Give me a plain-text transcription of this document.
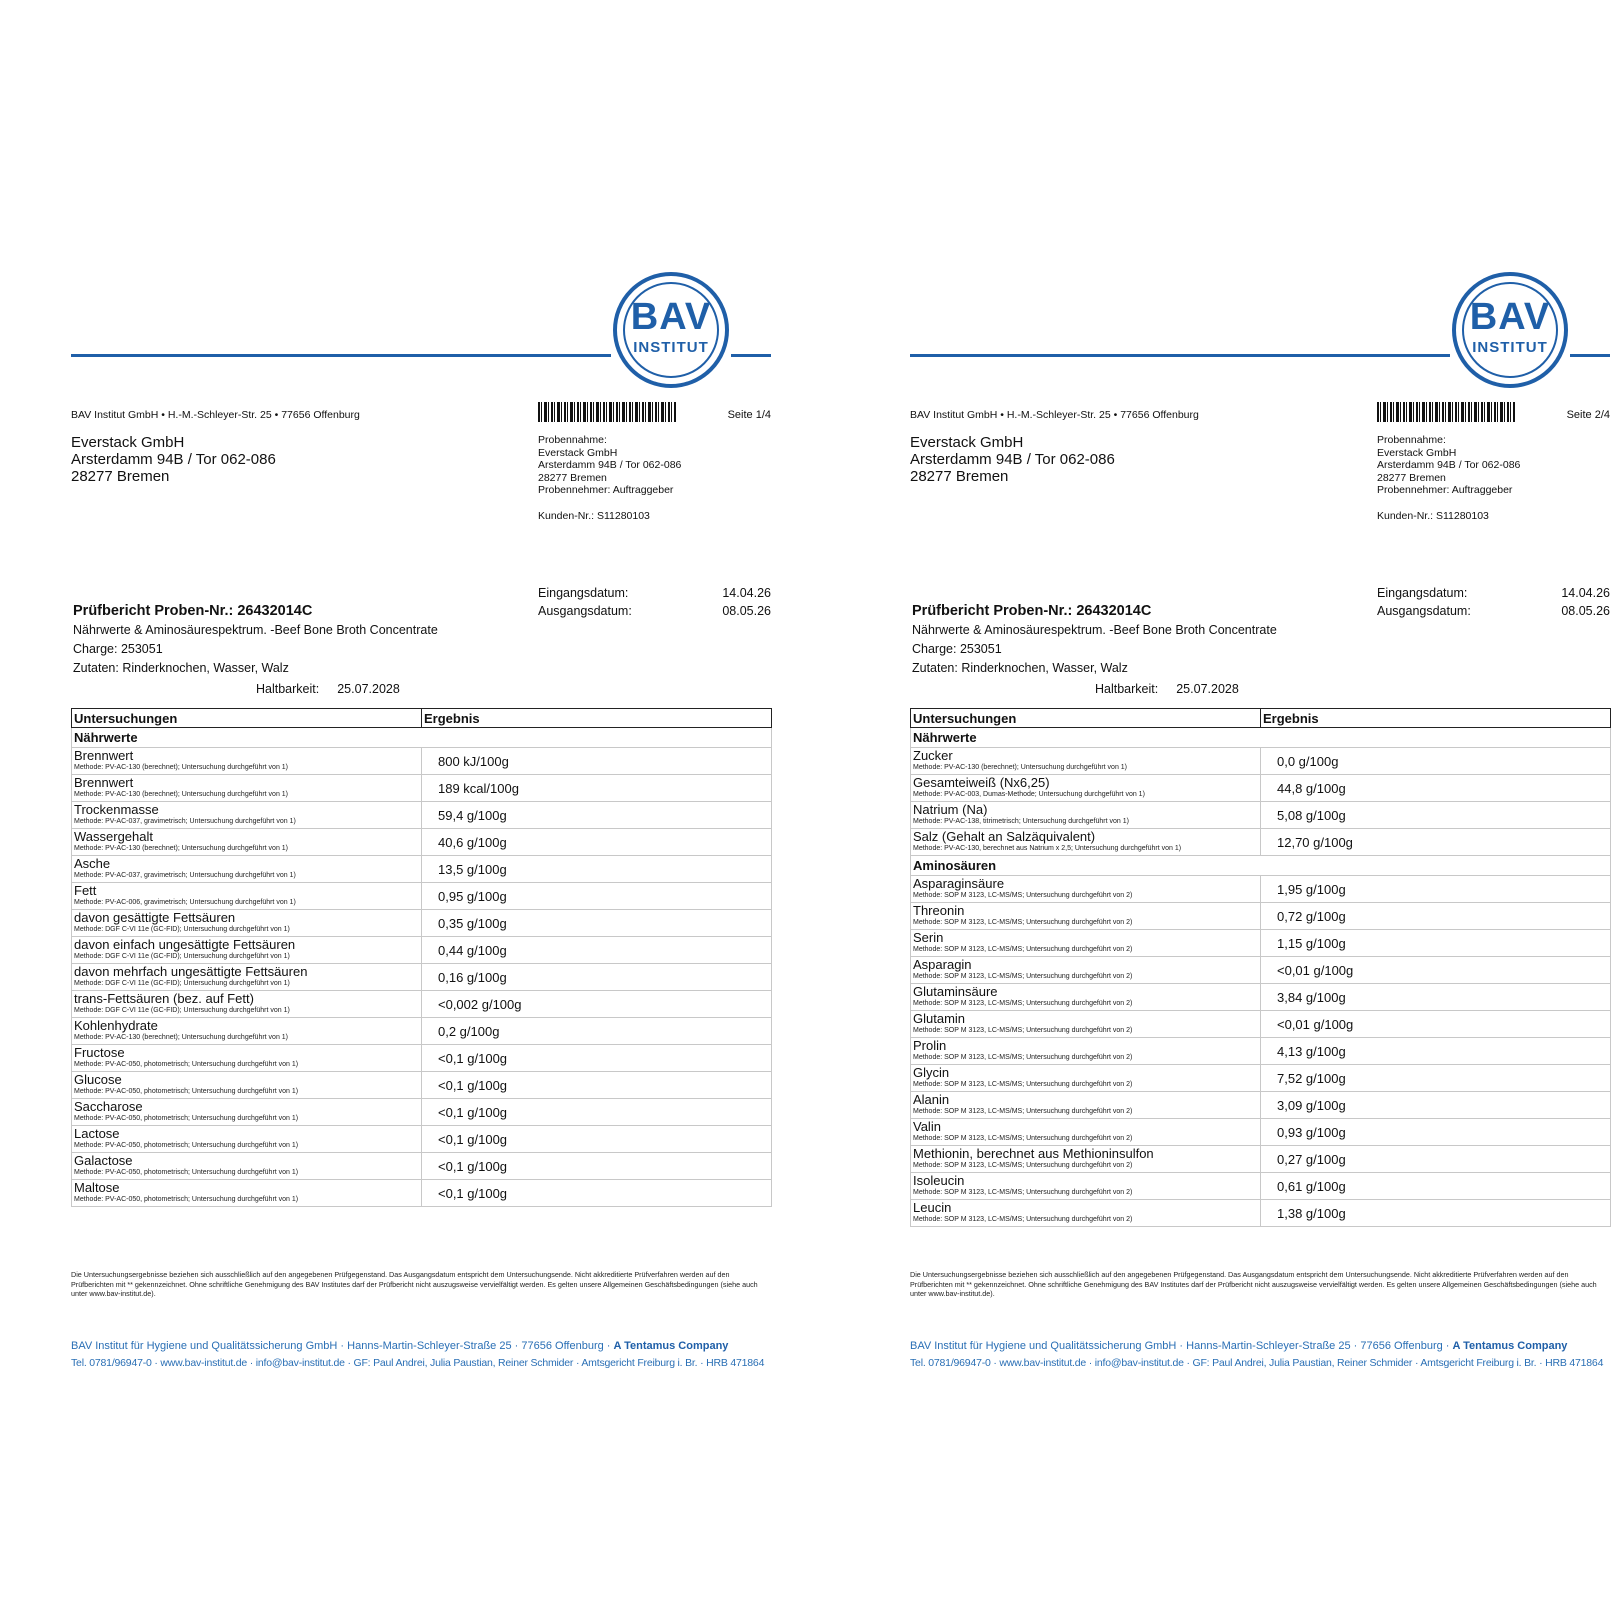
BAV
INSTITUT
BAV Institut GmbH • H.-M.-Schleyer-Str. 25 • 77656 Offenburg
Everstack GmbH
Arsterdamm 94B / Tor 062-086
28277 Bremen
Seite 1/4
Probennahme:
Everstack GmbH
Arsterdamm 94B / Tor 062-086
28277 Bremen
Probennehmer: Auftraggeber
Kunden-Nr.: S11280103
Eingangsdatum:	14.04.26
Ausgangsdatum:	08.05.26
Prüfbericht Proben-Nr.: 26432014C
Nährwerte & Aminosäurespektrum. -Beef Bone Broth Concentrate
Charge: 253051
Zutaten: Rinderknochen, Wasser, Walz
Haltbarkeit: 25.07.2028
Untersuchungen	Ergebnis
Nährwerte	

Brennwert
Methode: PV-AC-130 (berechnet); Untersuchung durchgeführt von 1)	800 kJ/100g

Brennwert
Methode: PV-AC-130 (berechnet); Untersuchung durchgeführt von 1)	189 kcal/100g

Trockenmasse
Methode: PV-AC-037, gravimetrisch; Untersuchung durchgeführt von 1)	59,4 g/100g

Wassergehalt
Methode: PV-AC-130 (berechnet); Untersuchung durchgeführt von 1)	40,6 g/100g

Asche
Methode: PV-AC-037, gravimetrisch; Untersuchung durchgeführt von 1)	13,5 g/100g

Fett
Methode: PV-AC-006, gravimetrisch; Untersuchung durchgeführt von 1)	0,95 g/100g

davon gesättigte Fettsäuren
Methode: DGF C-VI 11e (GC-FID); Untersuchung durchgeführt von 1)	0,35 g/100g

davon einfach ungesättigte Fettsäuren
Methode: DGF C-VI 11e (GC-FID); Untersuchung durchgeführt von 1)	0,44 g/100g

davon mehrfach ungesättigte Fettsäuren
Methode: DGF C-VI 11e (GC-FID); Untersuchung durchgeführt von 1)	0,16 g/100g

trans-Fettsäuren (bez. auf Fett)
Methode: DGF C-VI 11e (GC-FID); Untersuchung durchgeführt von 1)	<0,002 g/100g

Kohlenhydrate
Methode: PV-AC-130 (berechnet); Untersuchung durchgeführt von 1)	0,2 g/100g

Fructose
Methode: PV-AC-050, photometrisch; Untersuchung durchgeführt von 1)	<0,1 g/100g

Glucose
Methode: PV-AC-050, photometrisch; Untersuchung durchgeführt von 1)	<0,1 g/100g

Saccharose
Methode: PV-AC-050, photometrisch; Untersuchung durchgeführt von 1)	<0,1 g/100g

Lactose
Methode: PV-AC-050, photometrisch; Untersuchung durchgeführt von 1)	<0,1 g/100g

Galactose
Methode: PV-AC-050, photometrisch; Untersuchung durchgeführt von 1)	<0,1 g/100g

Maltose
Methode: PV-AC-050, photometrisch; Untersuchung durchgeführt von 1)	<0,1 g/100g
Die Untersuchungsergebnisse beziehen sich ausschließlich auf den angegebenen Prüfgegenstand. Das Ausgangsdatum entspricht dem Untersuchungsende. Nicht akkreditierte Prüfverfahren werden auf den Prüfberichten mit ** gekennzeichnet. Ohne schriftliche Genehmigung des BAV Institutes darf der Prüfbericht nicht auszugsweise vervielfältigt werden. Es gelten unsere Allgemeinen Geschäftsbedingungen (siehe auch unter www.bav-institut.de).
BAV Institut für Hygiene und Qualitätssicherung GmbH · Hanns-Martin-Schleyer-Straße 25 · 77656 Offenburg · A Tentamus Company
Tel. 0781/96947-0 · www.bav-institut.de · info@bav-institut.de · GF: Paul Andrei, Julia Paustian, Reiner Schmider · Amtsgericht Freiburg i. Br. · HRB 471864
BAV
INSTITUT
BAV Institut GmbH • H.-M.-Schleyer-Str. 25 • 77656 Offenburg
Everstack GmbH
Arsterdamm 94B / Tor 062-086
28277 Bremen
Seite 2/4
Probennahme:
Everstack GmbH
Arsterdamm 94B / Tor 062-086
28277 Bremen
Probennehmer: Auftraggeber
Kunden-Nr.: S11280103
Eingangsdatum:	14.04.26
Ausgangsdatum:	08.05.26
Prüfbericht Proben-Nr.: 26432014C
Nährwerte & Aminosäurespektrum. -Beef Bone Broth Concentrate
Charge: 253051
Zutaten: Rinderknochen, Wasser, Walz
Haltbarkeit: 25.07.2028
Untersuchungen	Ergebnis
Nährwerte	

Zucker
Methode: PV-AC-130 (berechnet); Untersuchung durchgeführt von 1)	0,0 g/100g

Gesamteiweiß (Nx6,25)
Methode: PV-AC-003, Dumas-Methode; Untersuchung durchgeführt von 1)	44,8 g/100g

Natrium (Na)
Methode: PV-AC-138, titrimetrisch; Untersuchung durchgeführt von 1)	5,08 g/100g

Salz (Gehalt an Salzäquivalent)
Methode: PV-AC-130, berechnet aus Natrium x 2,5; Untersuchung durchgeführt von 1)	12,70 g/100g
Aminosäuren	

Asparaginsäure
Methode: SOP M 3123, LC-MS/MS; Untersuchung durchgeführt von 2)	1,95 g/100g

Threonin
Methode: SOP M 3123, LC-MS/MS; Untersuchung durchgeführt von 2)	0,72 g/100g

Serin
Methode: SOP M 3123, LC-MS/MS; Untersuchung durchgeführt von 2)	1,15 g/100g

Asparagin
Methode: SOP M 3123, LC-MS/MS; Untersuchung durchgeführt von 2)	<0,01 g/100g

Glutaminsäure
Methode: SOP M 3123, LC-MS/MS; Untersuchung durchgeführt von 2)	3,84 g/100g

Glutamin
Methode: SOP M 3123, LC-MS/MS; Untersuchung durchgeführt von 2)	<0,01 g/100g

Prolin
Methode: SOP M 3123, LC-MS/MS; Untersuchung durchgeführt von 2)	4,13 g/100g

Glycin
Methode: SOP M 3123, LC-MS/MS; Untersuchung durchgeführt von 2)	7,52 g/100g

Alanin
Methode: SOP M 3123, LC-MS/MS; Untersuchung durchgeführt von 2)	3,09 g/100g

Valin
Methode: SOP M 3123, LC-MS/MS; Untersuchung durchgeführt von 2)	0,93 g/100g

Methionin, berechnet aus Methioninsulfon
Methode: SOP M 3123, LC-MS/MS; Untersuchung durchgeführt von 2)	0,27 g/100g

Isoleucin
Methode: SOP M 3123, LC-MS/MS; Untersuchung durchgeführt von 2)	0,61 g/100g

Leucin
Methode: SOP M 3123, LC-MS/MS; Untersuchung durchgeführt von 2)	1,38 g/100g
Die Untersuchungsergebnisse beziehen sich ausschließlich auf den angegebenen Prüfgegenstand. Das Ausgangsdatum entspricht dem Untersuchungsende. Nicht akkreditierte Prüfverfahren werden auf den Prüfberichten mit ** gekennzeichnet. Ohne schriftliche Genehmigung des BAV Institutes darf der Prüfbericht nicht auszugsweise vervielfältigt werden. Es gelten unsere Allgemeinen Geschäftsbedingungen (siehe auch unter www.bav-institut.de).
BAV Institut für Hygiene und Qualitätssicherung GmbH · Hanns-Martin-Schleyer-Straße 25 · 77656 Offenburg · A Tentamus Company
Tel. 0781/96947-0 · www.bav-institut.de · info@bav-institut.de · GF: Paul Andrei, Julia Paustian, Reiner Schmider · Amtsgericht Freiburg i. Br. · HRB 471864
